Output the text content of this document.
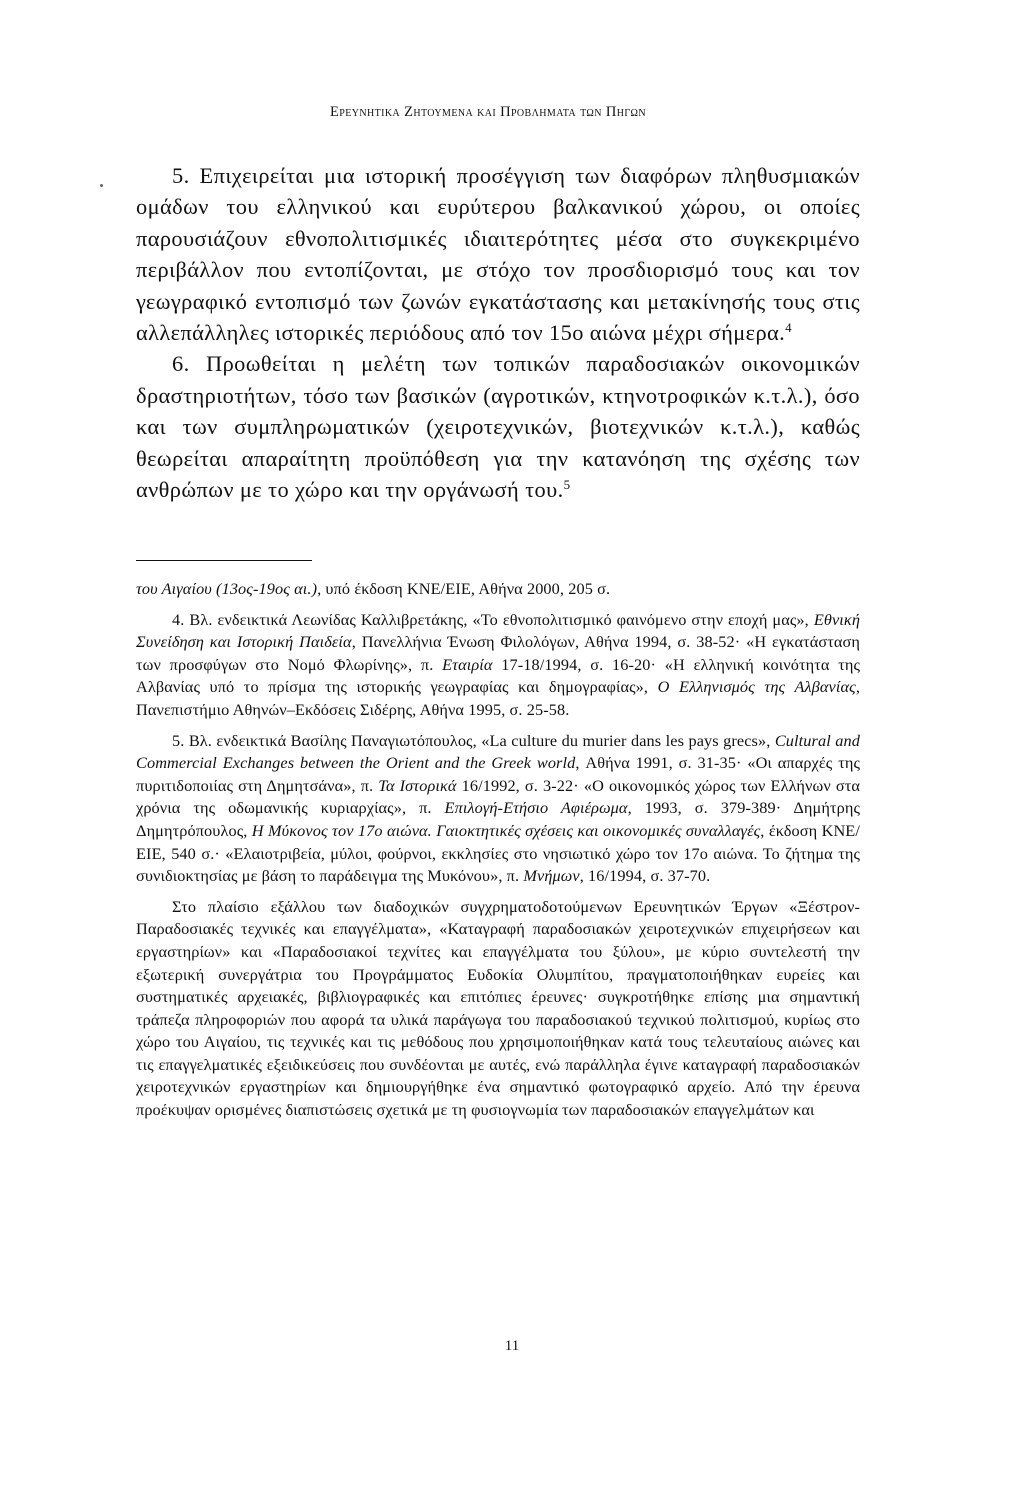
Ερευνητικα Ζητουμενα και Προβληματα των Πηγων

5. Επιχειρείται μια ιστορική προσέγγιση των διαφόρων πληθυσμιακών ομάδων του ελληνικού και ευρύτερου βαλκανικού χώρου, οι οποίες παρουσιάζουν εθνοπολιτισμικές ιδιαιτερότητες μέσα στο συγκεκριμένο περιβάλλον που εντοπίζονται, με στόχο τον προσδιορισμό τους και τον γεωγραφικό εντοπισμό των ζωνών εγκατάστασης και μετακίνησής τους στις αλλεπάλληλες ιστορικές περιόδους από τον 15ο αιώνα μέχρι σήμερα.$^4$

6. Προωθείται η μελέτη των τοπικών παραδοσιακών οικονομικών δραστηριοτήτων, τόσο των βασικών (αγροτικών, κτηνοτροφικών κ.τ.λ.), όσο και των συμπληρωματικών (χειροτεχνικών, βιοτεχνικών κ.τ.λ.), καθώς θεωρείται απαραίτητη προϋπόθεση για την κατανόηση της σχέσης των ανθρώπων με το χώρο και την οργάνωσή του.$^5$

του Αιγαίου (13ος-19ος αι.), υπό έκδοση ΚΝΕ/ΕΙΕ, Αθήνα 2000, 205 σ.

4. Βλ. ενδεικτικά Λεωνίδας Καλλιβρετάκης, «Το εθνοπολιτισμικό φαινόμενο στην εποχή μας», Εθνική Συνείδηση και Ιστορική Παιδεία, Πανελλήνια Ένωση Φιλολόγων, Αθήνα 1994, σ. 38-52· «Η εγκατάσταση των προσφύγων στο Νομό Φλωρίνης», π. Εταιρία 17-18/1994, σ. 16-20· «Η ελληνική κοινότητα της Αλβανίας υπό το πρίσμα της ιστορικής γεωγραφίας και δημογραφίας», Ο Ελληνισμός της Αλβανίας, Πανεπιστήμιο Αθηνών–Εκδόσεις Σιδέρης, Αθήνα 1995, σ. 25-58.

5. Βλ. ενδεικτικά Βασίλης Παναγιωτόπουλος, «La culture du murier dans les pays grecs», Cultural and Commercial Exchanges between the Orient and the Greek world, Αθήνα 1991, σ. 31-35· «Οι απαρχές της πυριτιδοποιίας στη Δημητσάνα», π. Τα Ιστορικά 16/1992, σ. 3-22· «Ο οικονομικός χώρος των Ελλήνων στα χρόνια της οδωμανικής κυριαρχίας», π. Επιλογή-Ετήσιο Αφιέρωμα, 1993, σ. 379-389· Δημήτρης Δημητρόπουλος, Η Μύκονος τον 17ο αιώνα. Γαιοκτητικές σχέσεις και οικονομικές συναλλαγές, έκδοση ΚΝΕ/ΕΙΕ, 540 σ.· «Ελαιοτριβεία, μύλοι, φούρνοι, εκκλησίες στο νησιωτικό χώρο τον 17ο αιώνα. Το ζήτημα της συνιδιοκτησίας με βάση το παράδειγμα της Μυκόνου», π. Μνήμων, 16/1994, σ. 37-70.

Στο πλαίσιο εξάλλου των διαδοχικών συγχρηματοδοτούμενων Ερευνητικών Έργων «Ξέστρον-Παραδοσιακές τεχνικές και επαγγέλματα», «Καταγραφή παραδοσιακών χειροτεχνικών επιχειρήσεων και εργαστηρίων» και «Παραδοσιακοί τεχνίτες και επαγγέλματα του ξύλου», με κύριο συντελεστή την εξωτερική συνεργάτρια του Προγράμματος Ευδοκία Ολυμπίτου, πραγματοποιήθηκαν ευρείες και συστηματικές αρχειακές, βιβλιογραφικές και επιτόπιες έρευνες· συγκροτήθηκε επίσης μια σημαντική τράπεζα πληροφοριών που αφορά τα υλικά παράγωγα του παραδοσιακού τεχνικού πολιτισμού, κυρίως στο χώρο του Αιγαίου, τις τεχνικές και τις μεθόδους που χρησιμοποιήθηκαν κατά τους τελευταίους αιώνες και τις επαγγελματικές εξειδικεύσεις που συνδέονται με αυτές, ενώ παράλληλα έγινε καταγραφή παραδοσιακών χειροτεχνικών εργαστηρίων και δημιουργήθηκε ένα σημαντικό φωτογραφικό αρχείο. Από την έρευνα προέκυψαν ορισμένες διαπιστώσεις σχετικά με τη φυσιογνωμία των παραδοσιακών επαγγελμάτων και

11
